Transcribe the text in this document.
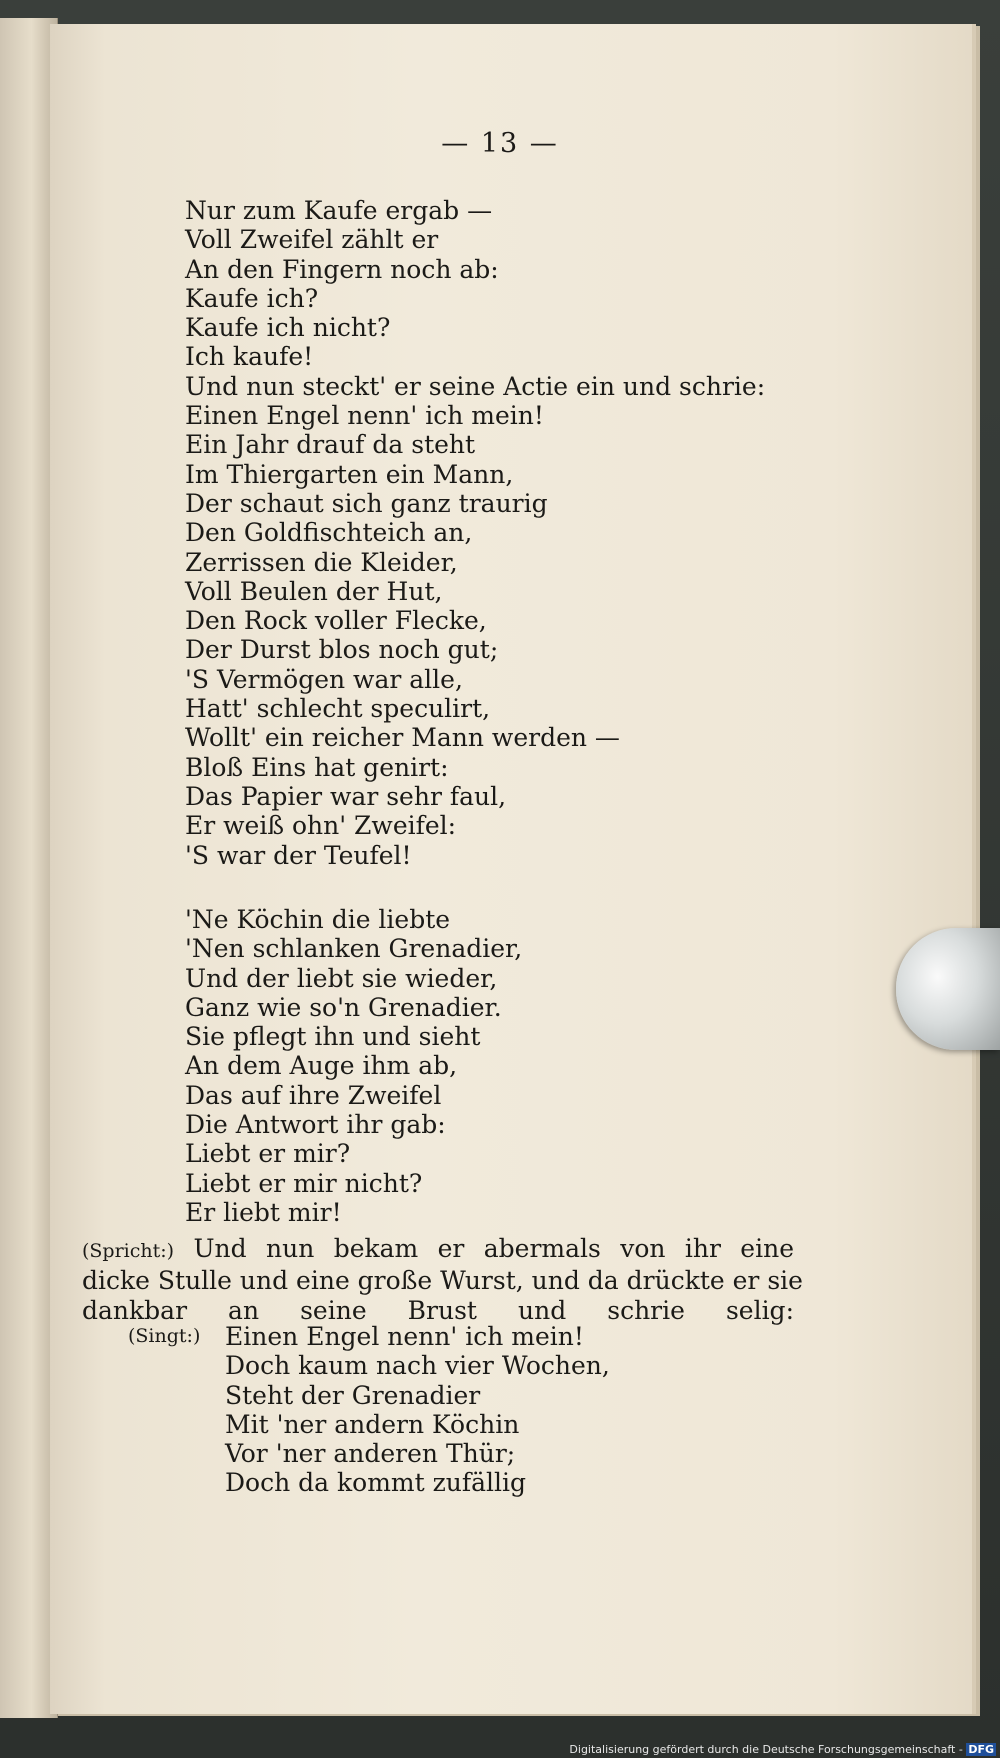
— 13 —
Nur zum Kaufe ergab —
Voll Zweifel zählt er
An den Fingern noch ab:
Kaufe ich?
Kaufe ich nicht?
Ich kaufe!
Und nun steckt' er seine Actie ein und schrie:
Einen Engel nenn' ich mein!
Ein Jahr drauf da steht
Im Thiergarten ein Mann,
Der schaut sich ganz traurig
Den Goldfischteich an,
Zerrissen die Kleider,
Voll Beulen der Hut,
Den Rock voller Flecke,
Der Durst blos noch gut;
'S Vermögen war alle,
Hatt' schlecht speculirt,
Wollt' ein reicher Mann werden —
Bloß Eins hat genirt:
Das Papier war sehr faul,
Er weiß ohn' Zweifel:
'S war der Teufel!
'Ne Köchin die liebte
'Nen schlanken Grenadier,
Und der liebt sie wieder,
Ganz wie so'n Grenadier.
Sie pflegt ihn und sieht
An dem Auge ihm ab,
Das auf ihre Zweifel
Die Antwort ihr gab:
Liebt er mir?
Liebt er mir nicht?
Er liebt mir!
(Spricht:) Und nun bekam er abermals von ihr eine
dicke Stulle und eine große Wurst, und da drückte er sie
dankbar an seine Brust und schrie selig:
(Singt:) Einen Engel nenn' ich mein!
Doch kaum nach vier Wochen,
Steht der Grenadier
Mit 'ner andern Köchin
Vor 'ner anderen Thür;
Doch da kommt zufällig
Digitalisierung gefördert durch die Deutsche Forschungsgemeinschaft - DFG
